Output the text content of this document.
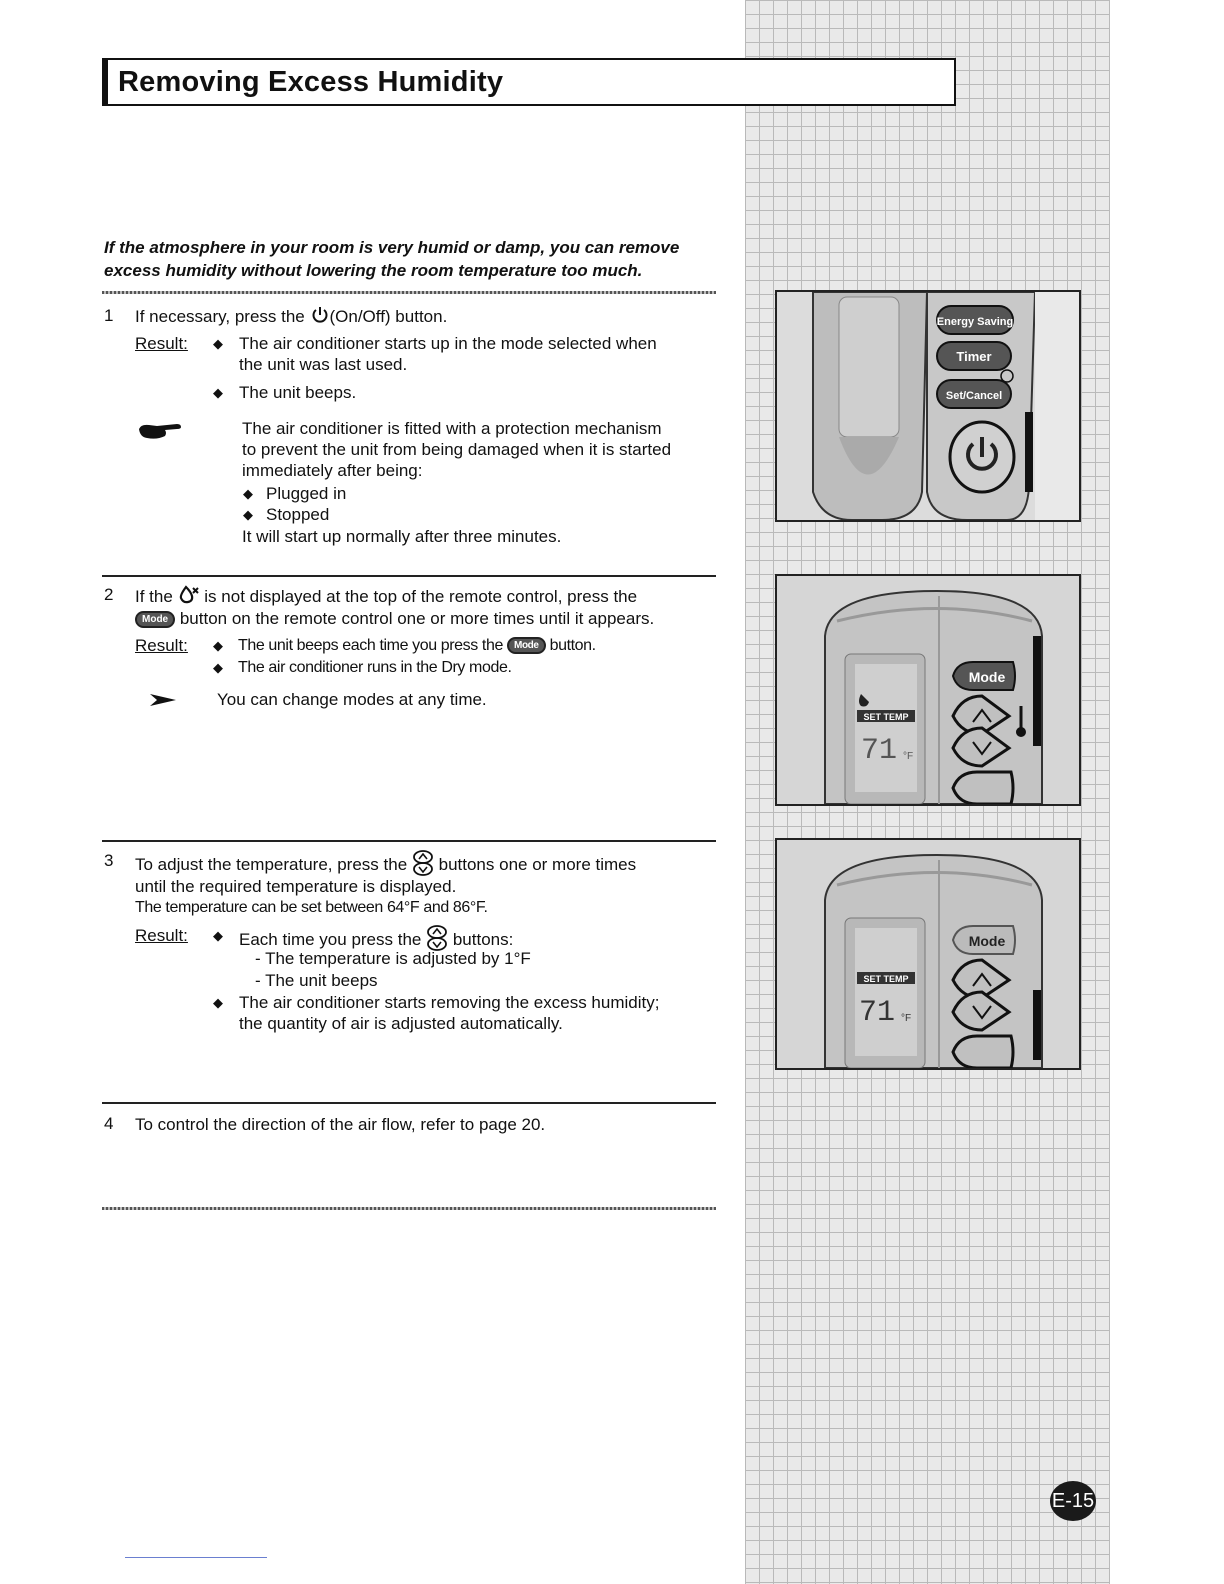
Removing Excess Humidity
If the atmosphere in your room is very humid or damp, you can remove
excess humidity without lowering the room temperature too much.
1 If necessary, press the (On/Off) button.
Result: ◆ The air conditioner starts up in the mode selected when
the unit was last used.
◆ The unit beeps.
The air conditioner is fitted with a protection mechanism
to prevent the unit from being damaged when it is started
immediately after being:
◆ Plugged in
◆ Stopped
It will start up normally after three minutes.
2 If the is not displayed at the top of the remote control, press the
Mode button on the remote control one or more times until it appears.
Result: ◆ The unit beeps each time you press the Mode button.
◆ The air conditioner runs in the Dry mode.
You can change modes at any time.
3 To adjust the temperature, press the buttons one or more times
until the required temperature is displayed.
The temperature can be set between 64°F and 86°F.
Result: ◆ Each time you press the buttons:
- The temperature is adjusted by 1°F
- The unit beeps
◆ The air conditioner starts removing the excess humidity;
the quantity of air is adjusted automatically.
4 To control the direction of the air flow, refer to page 20.
Energy Saving
Timer
Set/Cancel
SET TEMP
71 °F
Mode
SET TEMP
71 °F
Mode
E-15
